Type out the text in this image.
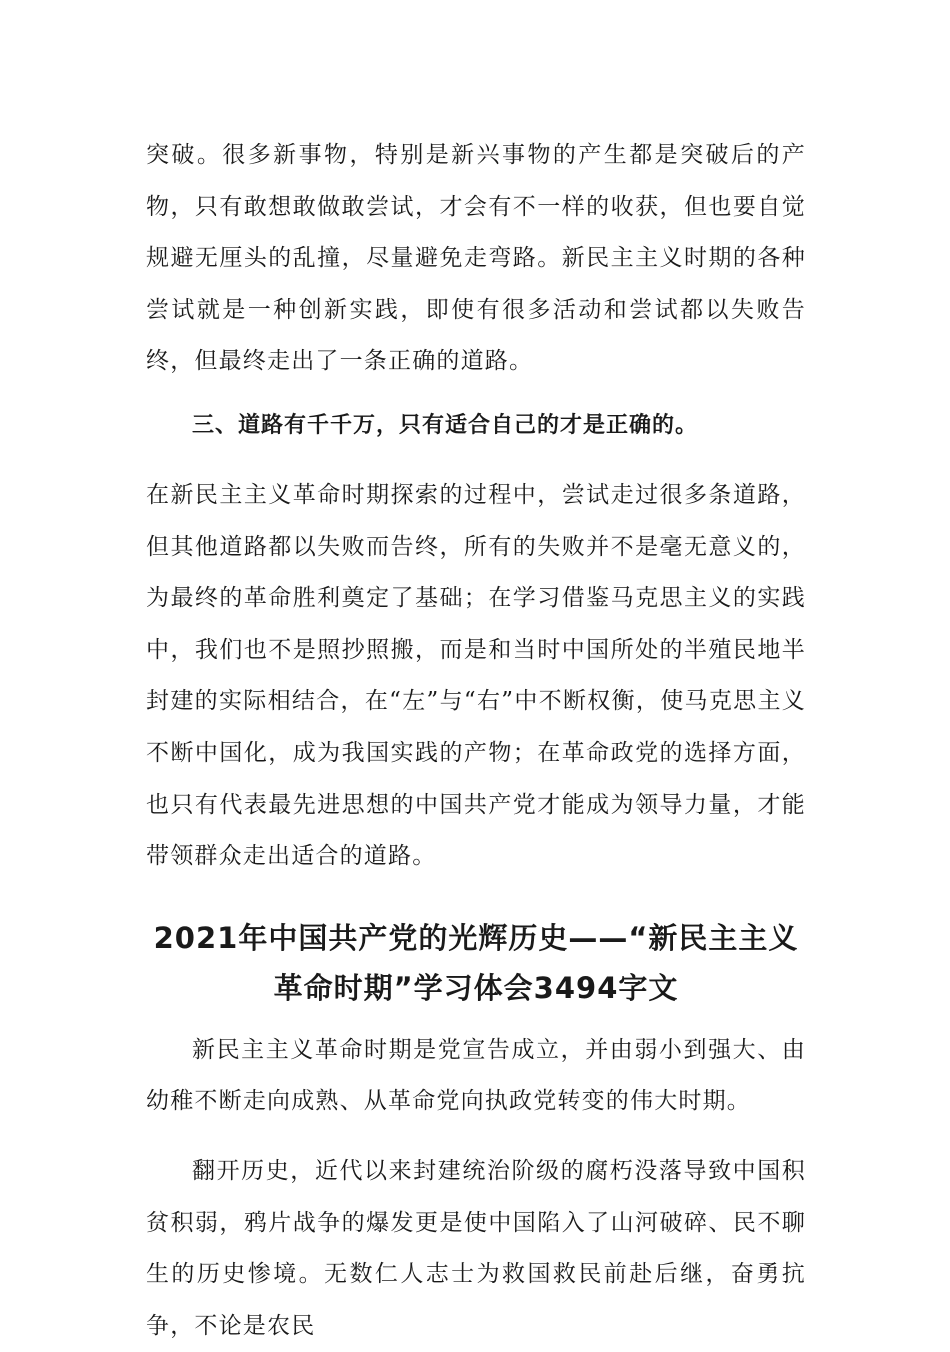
突破。很多新事物，特别是新兴事物的产生都是突破后的产物，只有敢想敢做敢尝试，才会有不一样的收获，但也要自觉规避无厘头的乱撞，尽量避免走弯路。新民主主义时期的各种尝试就是一种创新实践，即使有很多活动和尝试都以失败告终，但最终走出了一条正确的道路。

三、道路有千千万，只有适合自己的才是正确的。

在新民主主义革命时期探索的过程中，尝试走过很多条道路，但其他道路都以失败而告终，所有的失败并不是毫无意义的，为最终的革命胜利奠定了基础；在学习借鉴马克思主义的实践中，我们也不是照抄照搬，而是和当时中国所处的半殖民地半封建的实际相结合，在“左”与“右”中不断权衡，使马克思主义不断中国化，成为我国实践的产物；在革命政党的选择方面，也只有代表最先进思想的中国共产党才能成为领导力量，才能带领群众走出适合的道路。

2021年中国共产党的光辉历史——“新民主主义革命时期”学习体会3494字文

新民主主义革命时期是党宣告成立，并由弱小到强大、由幼稚不断走向成熟、从革命党向执政党转变的伟大时期。

翻开历史，近代以来封建统治阶级的腐朽没落导致中国积贫积弱，鸦片战争的爆发更是使中国陷入了山河破碎、民不聊生的历史惨境。无数仁人志士为救国救民前赴后继，奋勇抗争，不论是农民
